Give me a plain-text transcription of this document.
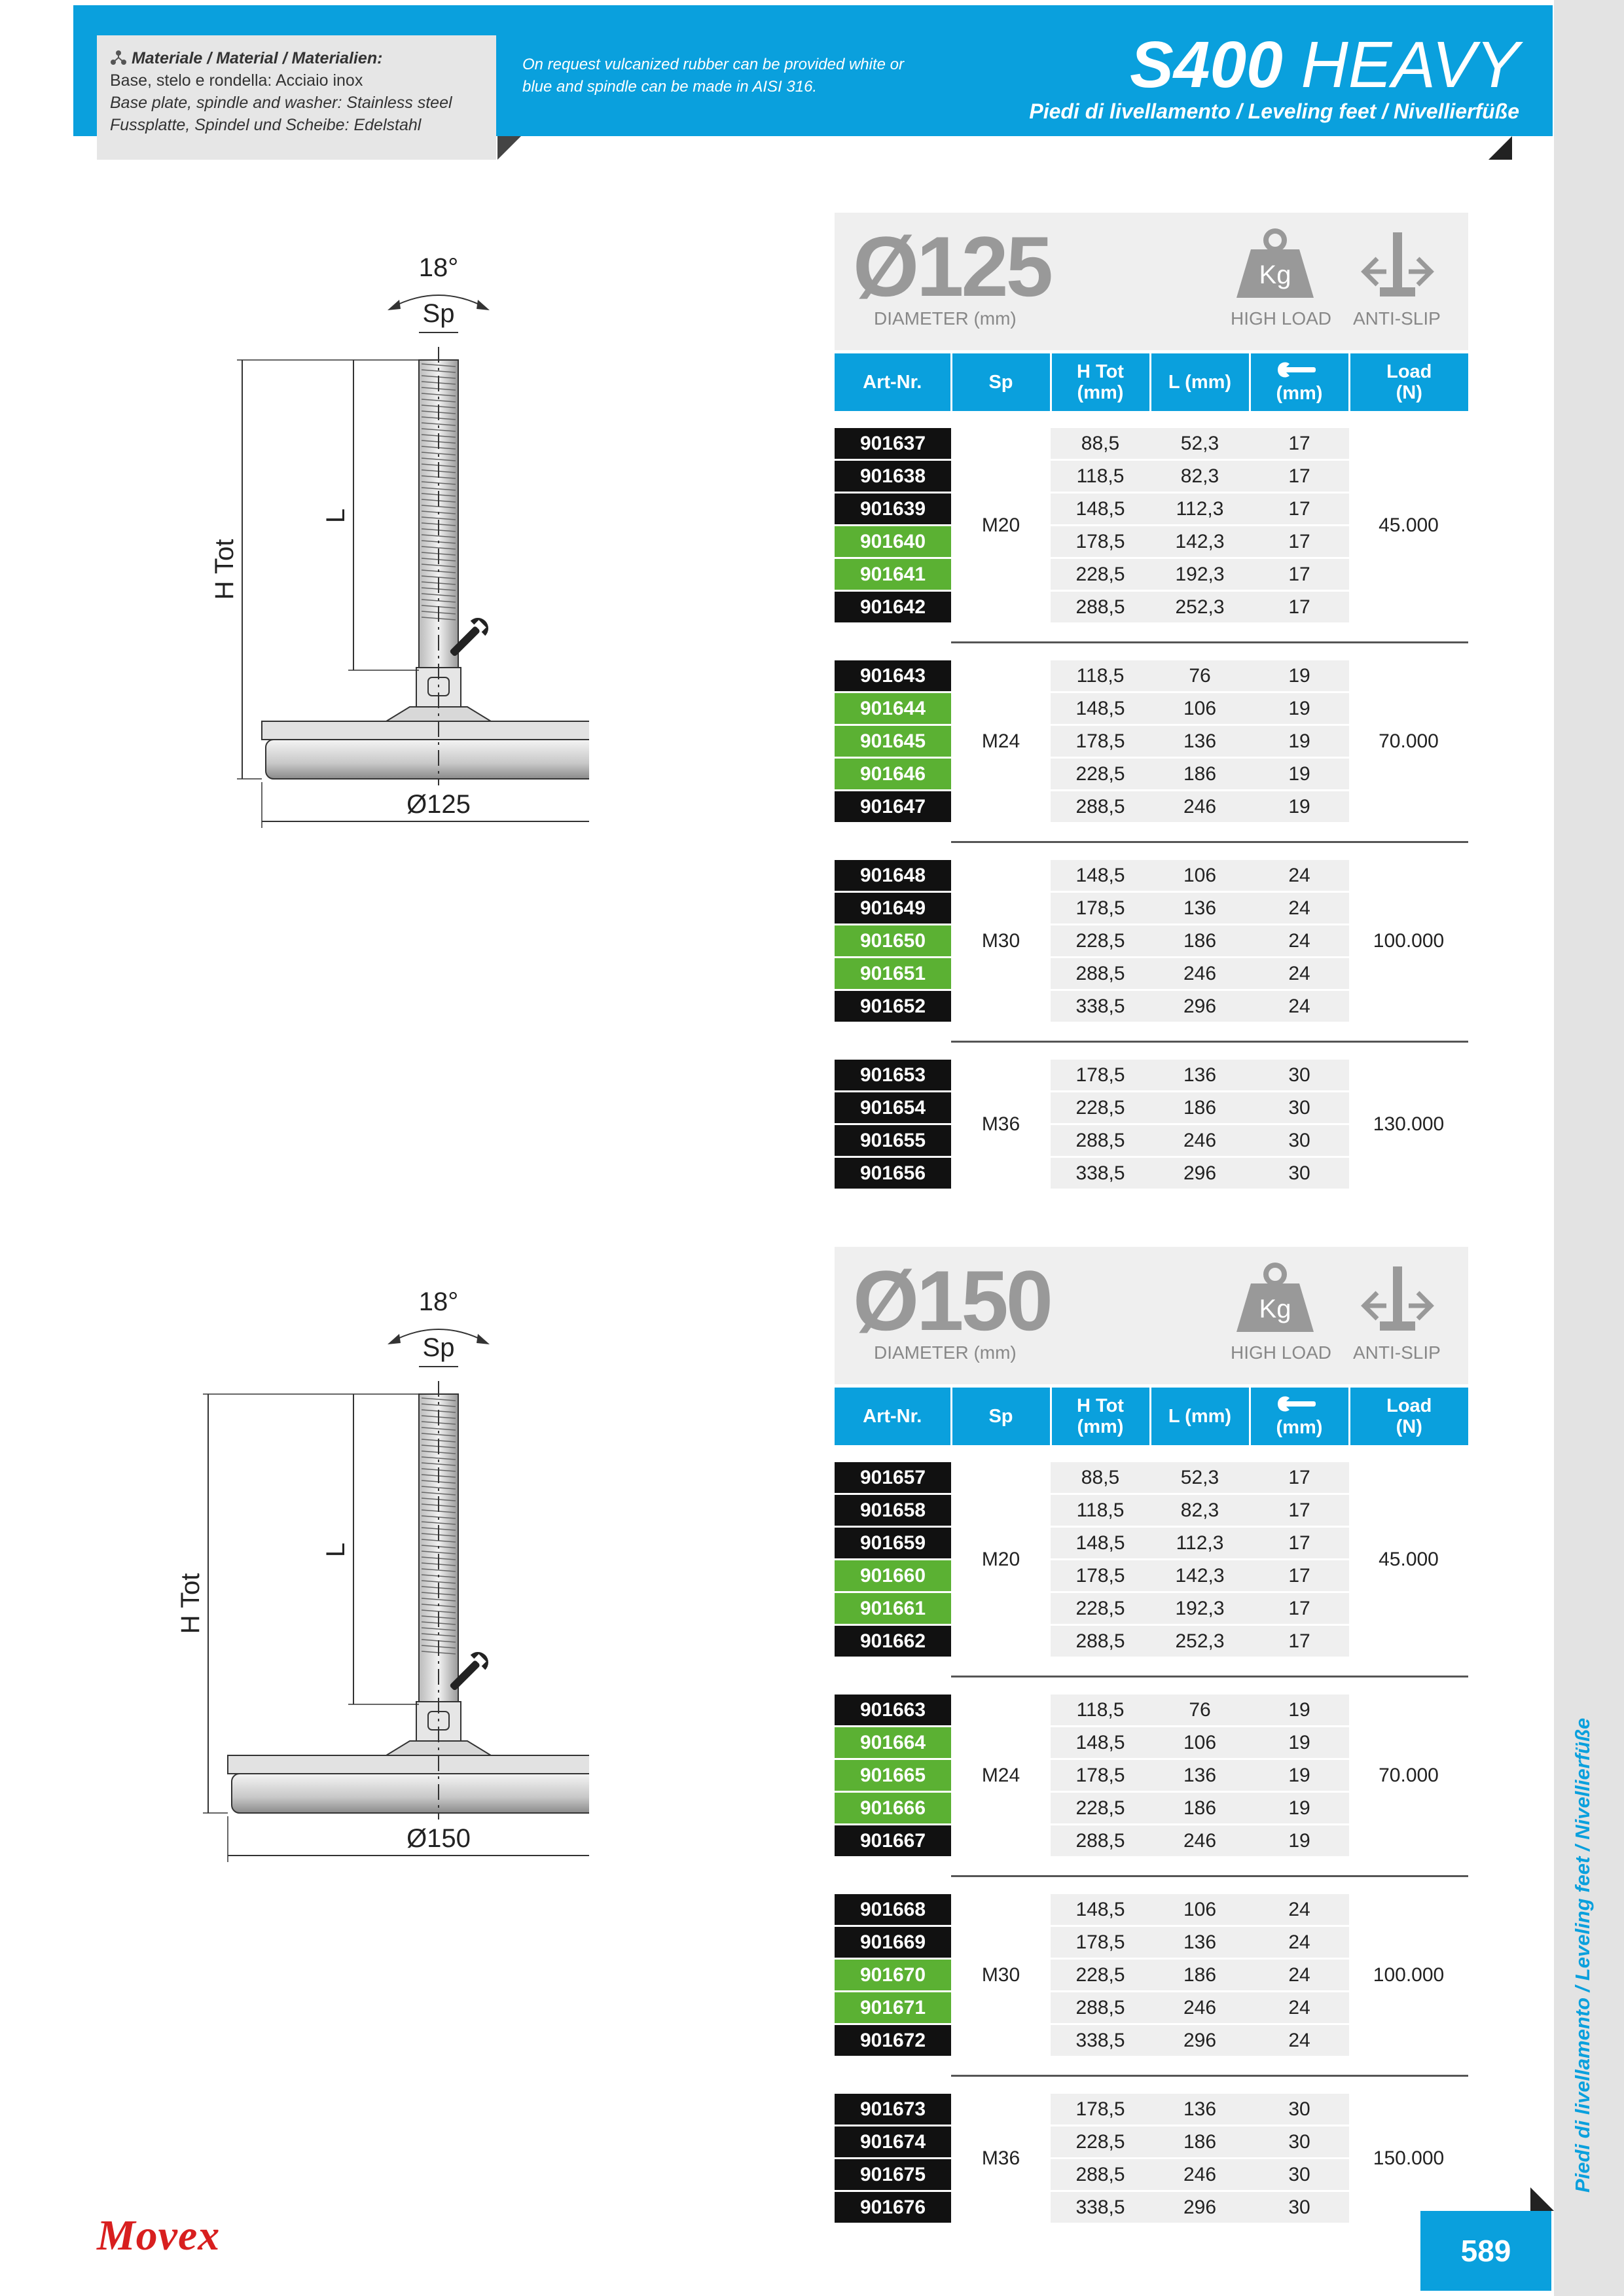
Materiale / Material / Materialien:
Base, stelo e rondella: Acciaio inox
Base plate, spindle and washer: Stainless steel
Fussplatte, Spindel und Scheibe: Edelstahl
On request vulcanized rubber can be provided white or blue and spindle can be made in AISI 316.	S400 HEAVY
Piedi di livellamento / Leveling feet / Nivellierfüße
Piedi di livellamento / Leveling feet / Nivellierfüße
589
Movex
Ø125
DIAMETER (mm)
Kg
HIGH LOAD ANTI-SLIP
Art-Nr.	Sp	H Tot (mm)	L (mm)	(mm)	Load (N)

901637	M20	88,5	52,3	17	45.000
901638		118,5	82,3	17	
901639		148,5	112,3	17	
901640		178,5	142,3	17	
901641		228,5	192,3	17	
901642		288,5	252,3	17	

901643	M24	118,5	76	19	70.000
901644		148,5	106	19	
901645		178,5	136	19	
901646		228,5	186	19	
901647		288,5	246	19	

901648	M30	148,5	106	24	100.000
901649		178,5	136	24	
901650		228,5	186	24	
901651		288,5	246	24	
901652		338,5	296	24	

901653	M36	178,5	136	30	130.000
901654		228,5	186	30	
901655		288,5	246	30	
901656		338,5	296	30	
18°
Sp
H Tot
L
Ø125
Ø150
DIAMETER (mm)
Kg
HIGH LOAD ANTI-SLIP
Art-Nr.	Sp	H Tot (mm)	L (mm)	(mm)	Load (N)

901657	M20	88,5	52,3	17	45.000
901658		118,5	82,3	17	
901659		148,5	112,3	17	
901660		178,5	142,3	17	
901661		228,5	192,3	17	
901662		288,5	252,3	17	

901663	M24	118,5	76	19	70.000
901664		148,5	106	19	
901665		178,5	136	19	
901666		228,5	186	19	
901667		288,5	246	19	

901668	M30	148,5	106	24	100.000
901669		178,5	136	24	
901670		228,5	186	24	
901671		288,5	246	24	
901672		338,5	296	24	

901673	M36	178,5	136	30	150.000
901674		228,5	186	30	
901675		288,5	246	30	
901676		338,5	296	30	
18°
Sp
H Tot
L
Ø150
